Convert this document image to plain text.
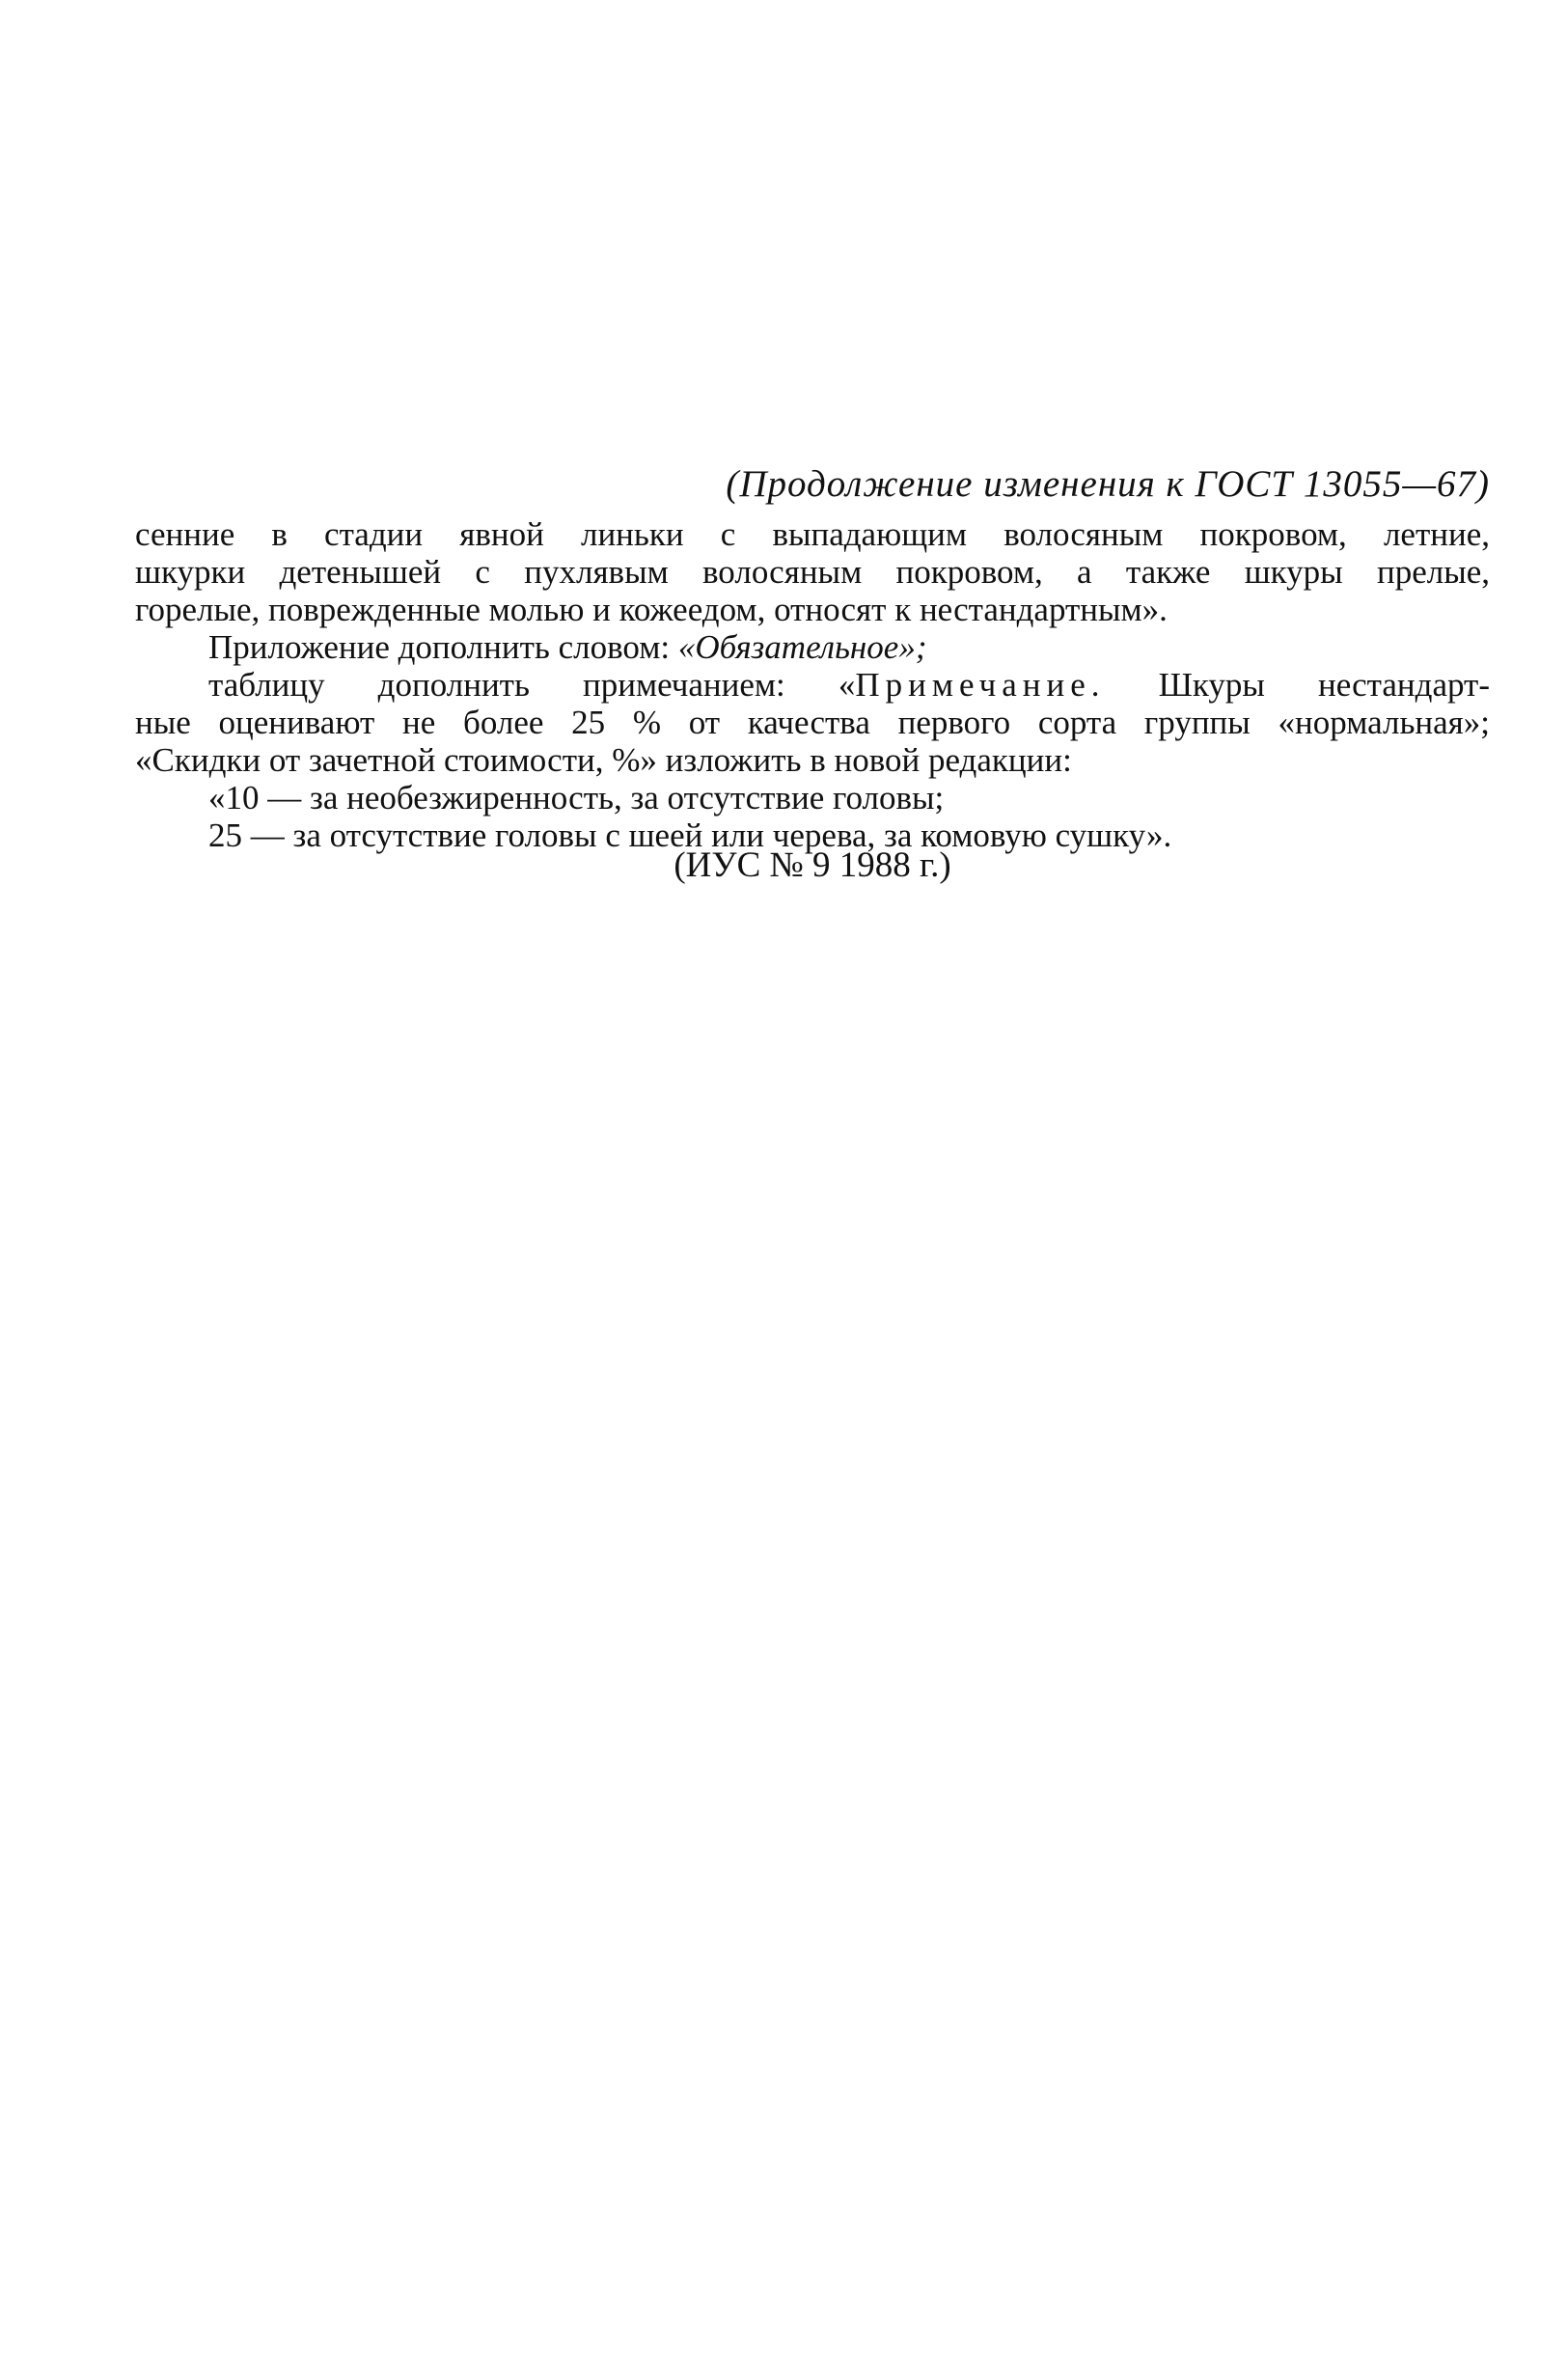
(Продолжение изменения к ГОСТ 13055—67)
сенние в стадии явной линьки с выпадающим волосяным покровом, летние,
шкурки детенышей с пухлявым волосяным покровом, а также шкуры прелые,
горелые, поврежденные молью и кожеедом, относят к нестандартным».
Приложение дополнить словом: «Обязательное»;
таблицу дополнить примечанием: «Примечание. Шкуры нестандарт-
ные оценивают не более 25 % от качества первого сорта группы «нормальная»;
«Скидки от зачетной стоимости, %» изложить в новой редакции:
«10 — за необезжиренность, за отсутствие головы;
25 — за отсутствие головы с шеей или черева, за комовую сушку».
(ИУС № 9 1988 г.)
